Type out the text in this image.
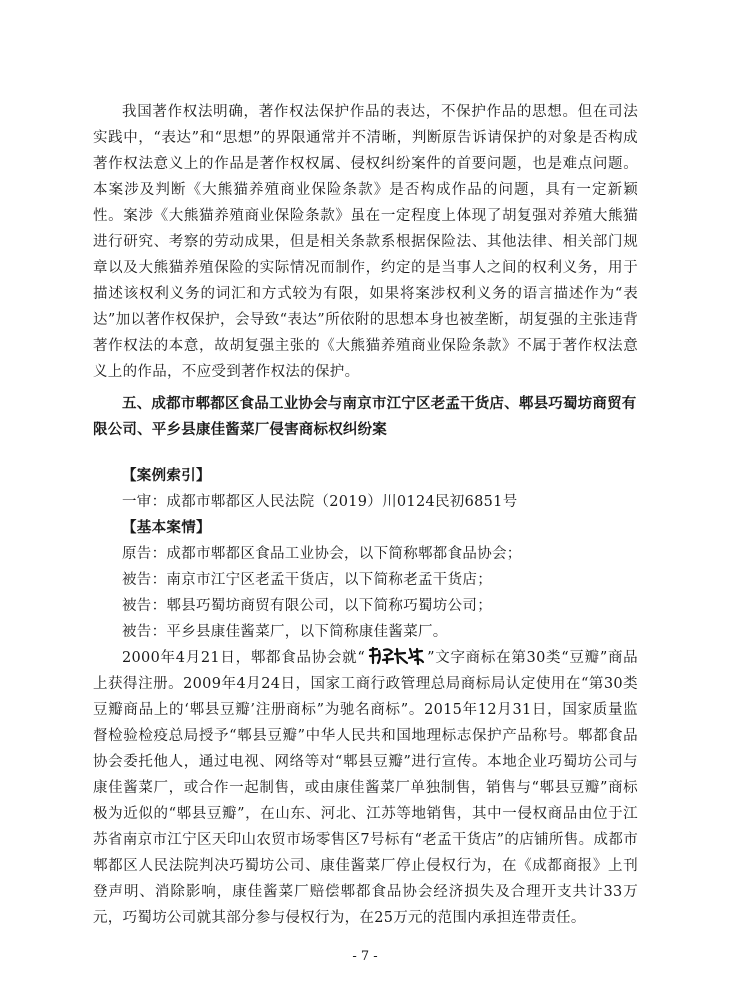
我国著作权法明确，著作权法保护作品的表达，不保护作品的思想。但在司法实践中，“表达”和“思想”的界限通常并不清晰，判断原告诉请保护的对象是否构成著作权法意义上的作品是著作权权属、侵权纠纷案件的首要问题，也是难点问题。本案涉及判断《大熊猫养殖商业保险条款》是否构成作品的问题，具有一定新颖性。案涉《大熊猫养殖商业保险条款》虽在一定程度上体现了胡复强对养殖大熊猫进行研究、考察的劳动成果，但是相关条款系根据保险法、其他法律、相关部门规章以及大熊猫养殖保险的实际情况而制作，约定的是当事人之间的权利义务，用于描述该权利义务的词汇和方式较为有限，如果将案涉权利义务的语言描述作为“表达”加以著作权保护，会导致“表达”所依附的思想本身也被垄断，胡复强的主张违背著作权法的本意，故胡复强主张的《大熊猫养殖商业保险条款》不属于著作权法意义上的作品，不应受到著作权法的保护。

五、成都市郫都区食品工业协会与南京市江宁区老孟干货店、郫县巧蜀坊商贸有限公司、平乡县康佳酱菜厂侵害商标权纠纷案

【案例索引】

一审：成都市郫都区人民法院（2019）川0124民初6851号

【基本案情】

原告：成都市郫都区食品工业协会，以下简称郫都食品协会；

被告：南京市江宁区老孟干货店，以下简称老孟干货店；

被告：郫县巧蜀坊商贸有限公司，以下简称巧蜀坊公司；

被告：平乡县康佳酱菜厂，以下简称康佳酱菜厂。

2000年4月21日，郫都食品协会就“	”文字商标在第30类“豆瓣”商品上获得注册。2009年4月24日，国家工商行政管理总局商标局认定使用在“第30类豆瓣商品上的‘郫县豆瓣’注册商标”为驰名商标”。2015年12月31日，国家质量监督检验检疫总局授予“郫县豆瓣”中华人民共和国地理标志保护产品称号。郫都食品协会委托他人，通过电视、网络等对“郫县豆瓣”进行宣传。本地企业巧蜀坊公司与康佳酱菜厂，或合作一起制售，或由康佳酱菜厂单独制售，销售与“郫县豆瓣”商标极为近似的“郫县豆瓣”，在山东、河北、江苏等地销售，其中一侵权商品由位于江苏省南京市江宁区天印山农贸市场零售区7号标有“老孟干货店”的店铺所售。成都市郫都区人民法院判决巧蜀坊公司、康佳酱菜厂停止侵权行为，在《成都商报》上刊登声明、消除影响，康佳酱菜厂赔偿郫都食品协会经济损失及合理开支共计33万元，巧蜀坊公司就其部分参与侵权行为，在25万元的范围内承担连带责任。

- 7 -
